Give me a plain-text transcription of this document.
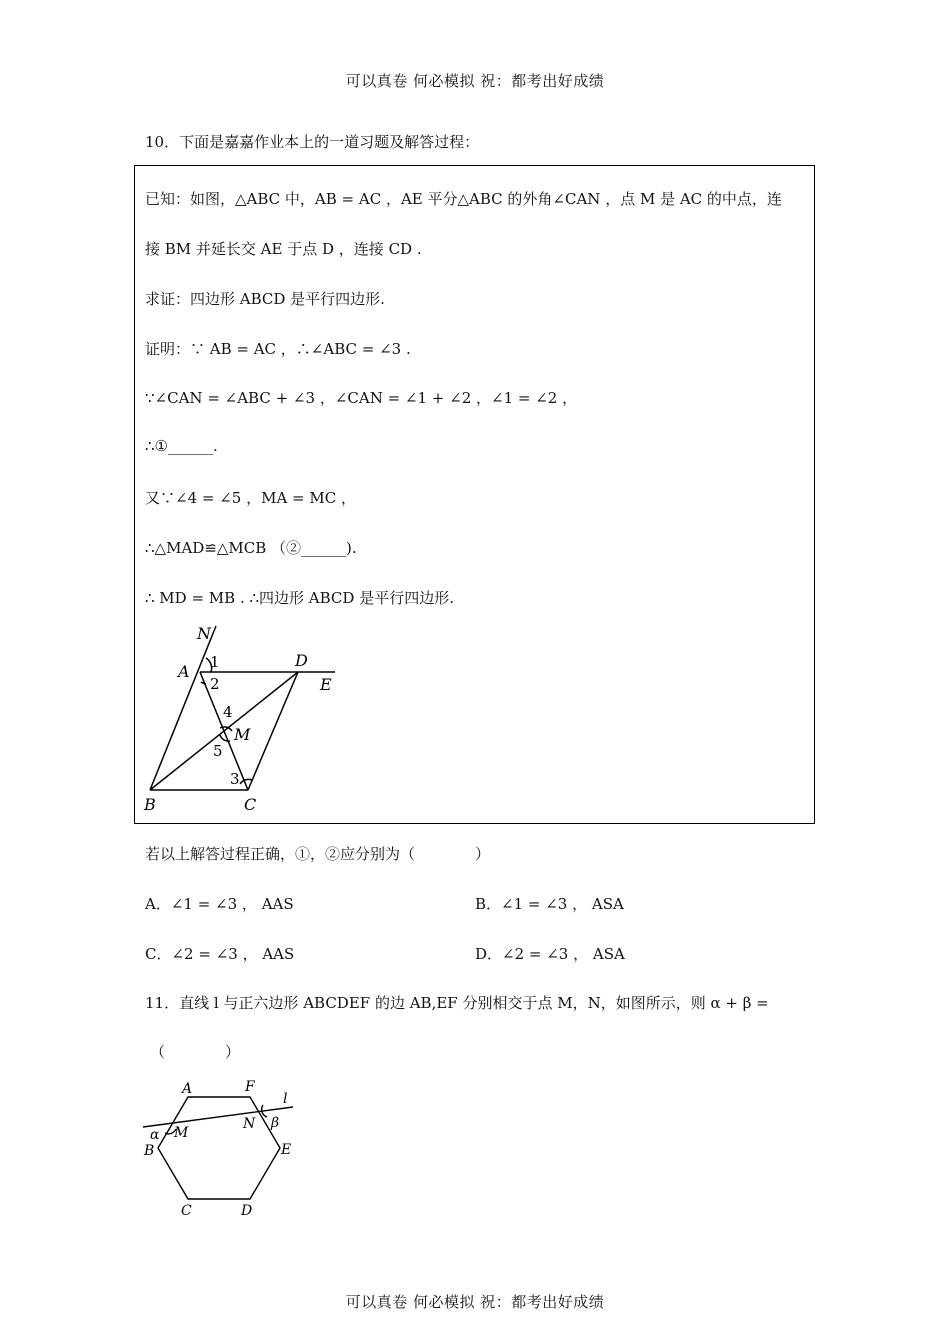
可以真卷 何必模拟 祝：都考出好成绩
10．下面是嘉嘉作业本上的一道习题及解答过程：
已知：如图，△ABC 中，AB = AC ，AE 平分△ABC 的外角∠CAN ，点 M 是 AC 的中点，连
接 BM 并延长交 AE 于点 D ，连接 CD .
求证：四边形 ABCD 是平行四边形.
证明：∵ AB = AC ，∴∠ABC = ∠3 .
∵∠CAN = ∠ABC + ∠3 ，∠CAN = ∠1 + ∠2 ，∠1 = ∠2 ，
∴①______.
又∵∠4 = ∠5 ，MA = MC ，
∴△MAD≌△MCB （②______).
∴ MD = MB . ∴四边形 ABCD 是平行四边形.
N
A
D
E
B	C
M
1
2
3
4
5
若以上解答过程正确，①，②应分别为（　　　　）
A．∠1 = ∠3 ， AAS	B．∠1 = ∠3 ， ASA
C．∠2 = ∠3 ， AAS	D．∠2 = ∠3 ， ASA
11．直线 l 与正六边形 ABCDEF 的边 AB,EF 分别相交于点 M，N，如图所示，则 α + β =
（　　　　）
A	F
l
α M
N β
B	E
C	D
可以真卷 何必模拟 祝：都考出好成绩
